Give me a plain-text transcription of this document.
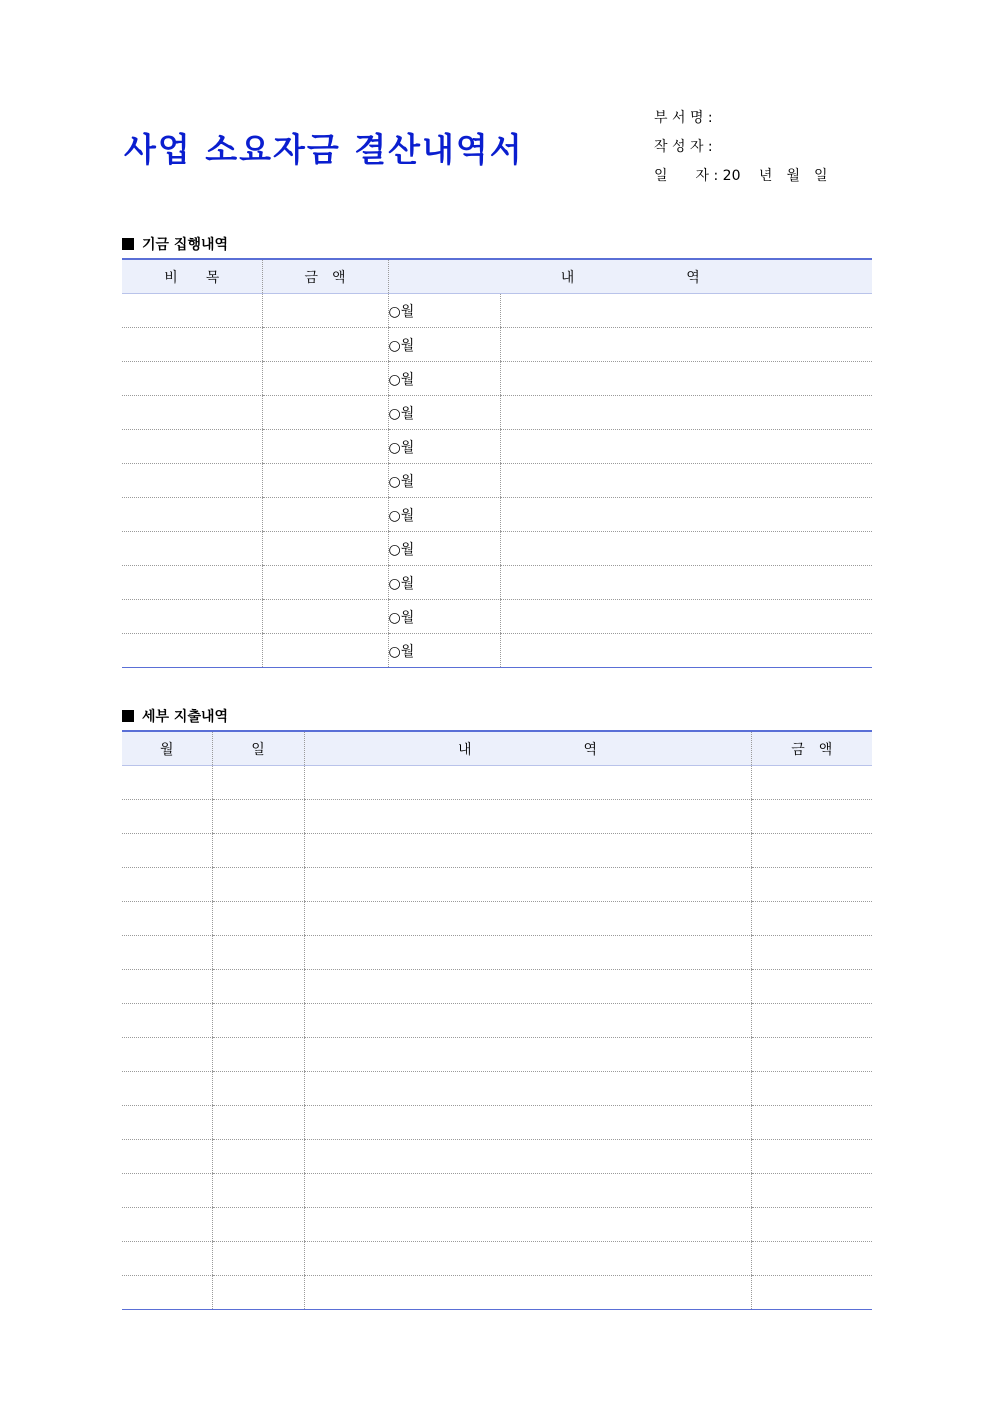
사업 소요자금 결산내역서
부 서 명 :
작 성 자 :
일　　자 : 20　 년　월　일
기금 집행내역
비　　목	금　액	내　　　　　　　　역	
		○월	
		○월	
		○월	
		○월	
		○월	
		○월	
		○월	
		○월	
		○월	
		○월	
		○월	
세부 지출내역
월	일	내　　　　　　　　역	금　액
